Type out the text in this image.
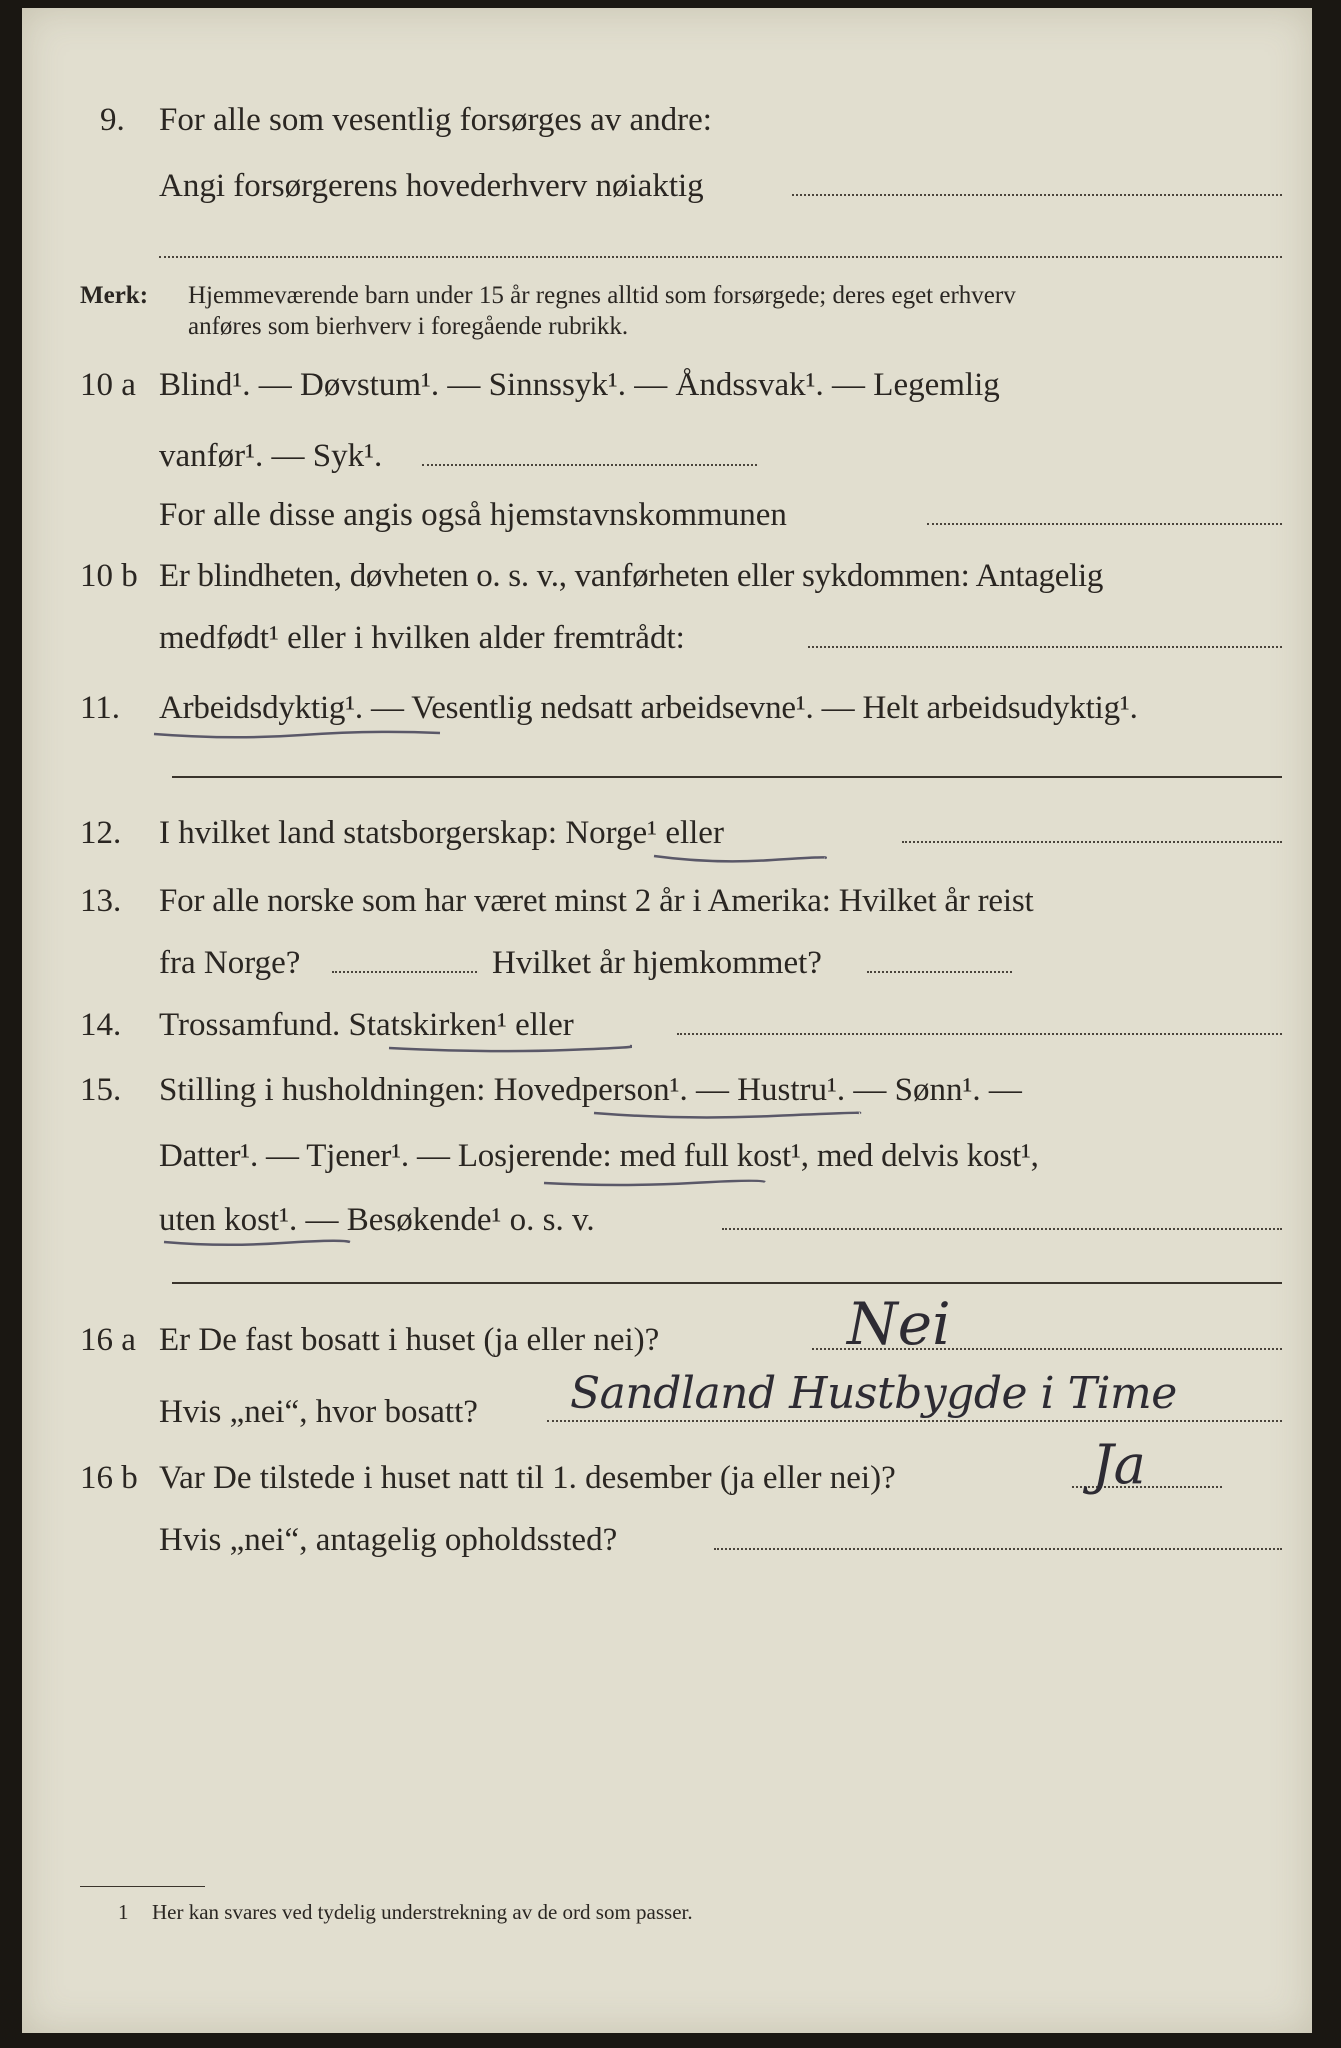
9. For alle som vesentlig forsørges av andre:
Angi forsørgerens hovederhverv nøiaktig
Merk: Hjemmeværende barn under 15 år regnes alltid som forsørgede; deres eget erhverv
anføres som bierhverv i foregående rubrikk.
10 a Blind¹. — Døvstum¹. — Sinnssyk¹. — Åndssvak¹. — Legemlig
vanfør¹. — Syk¹.
For alle disse angis også hjemstavnskommunen
10 b Er blindheten, døvheten o. s. v., vanførheten eller sykdommen: Antagelig
medfødt¹ eller i hvilken alder fremtrådt:
11. Arbeidsdyktig¹. — Vesentlig nedsatt arbeidsevne¹. — Helt arbeidsudyktig¹.
12. I hvilket land statsborgerskap: Norge¹ eller
13. For alle norske som har været minst 2 år i Amerika: Hvilket år reist
fra Norge?	Hvilket år hjemkommet?
14. Trossamfund. Statskirken¹ eller
15. Stilling i husholdningen: Hovedperson¹. — Hustru¹. — Sønn¹. —
Datter¹. — Tjener¹. — Losjerende: med full kost¹, med delvis kost¹,
uten kost¹. — Besøkende¹ o. s. v.
16 a Er De fast bosatt i huset (ja eller nei)?	Nei
Hvis „nei“, hvor bosatt? Sandland Hustbygde i Time
16 b Var De tilstede i huset natt til 1. desember (ja eller nei)?	Ja
Hvis „nei“, antagelig opholdssted?
1 Her kan svares ved tydelig understrekning av de ord som passer.
